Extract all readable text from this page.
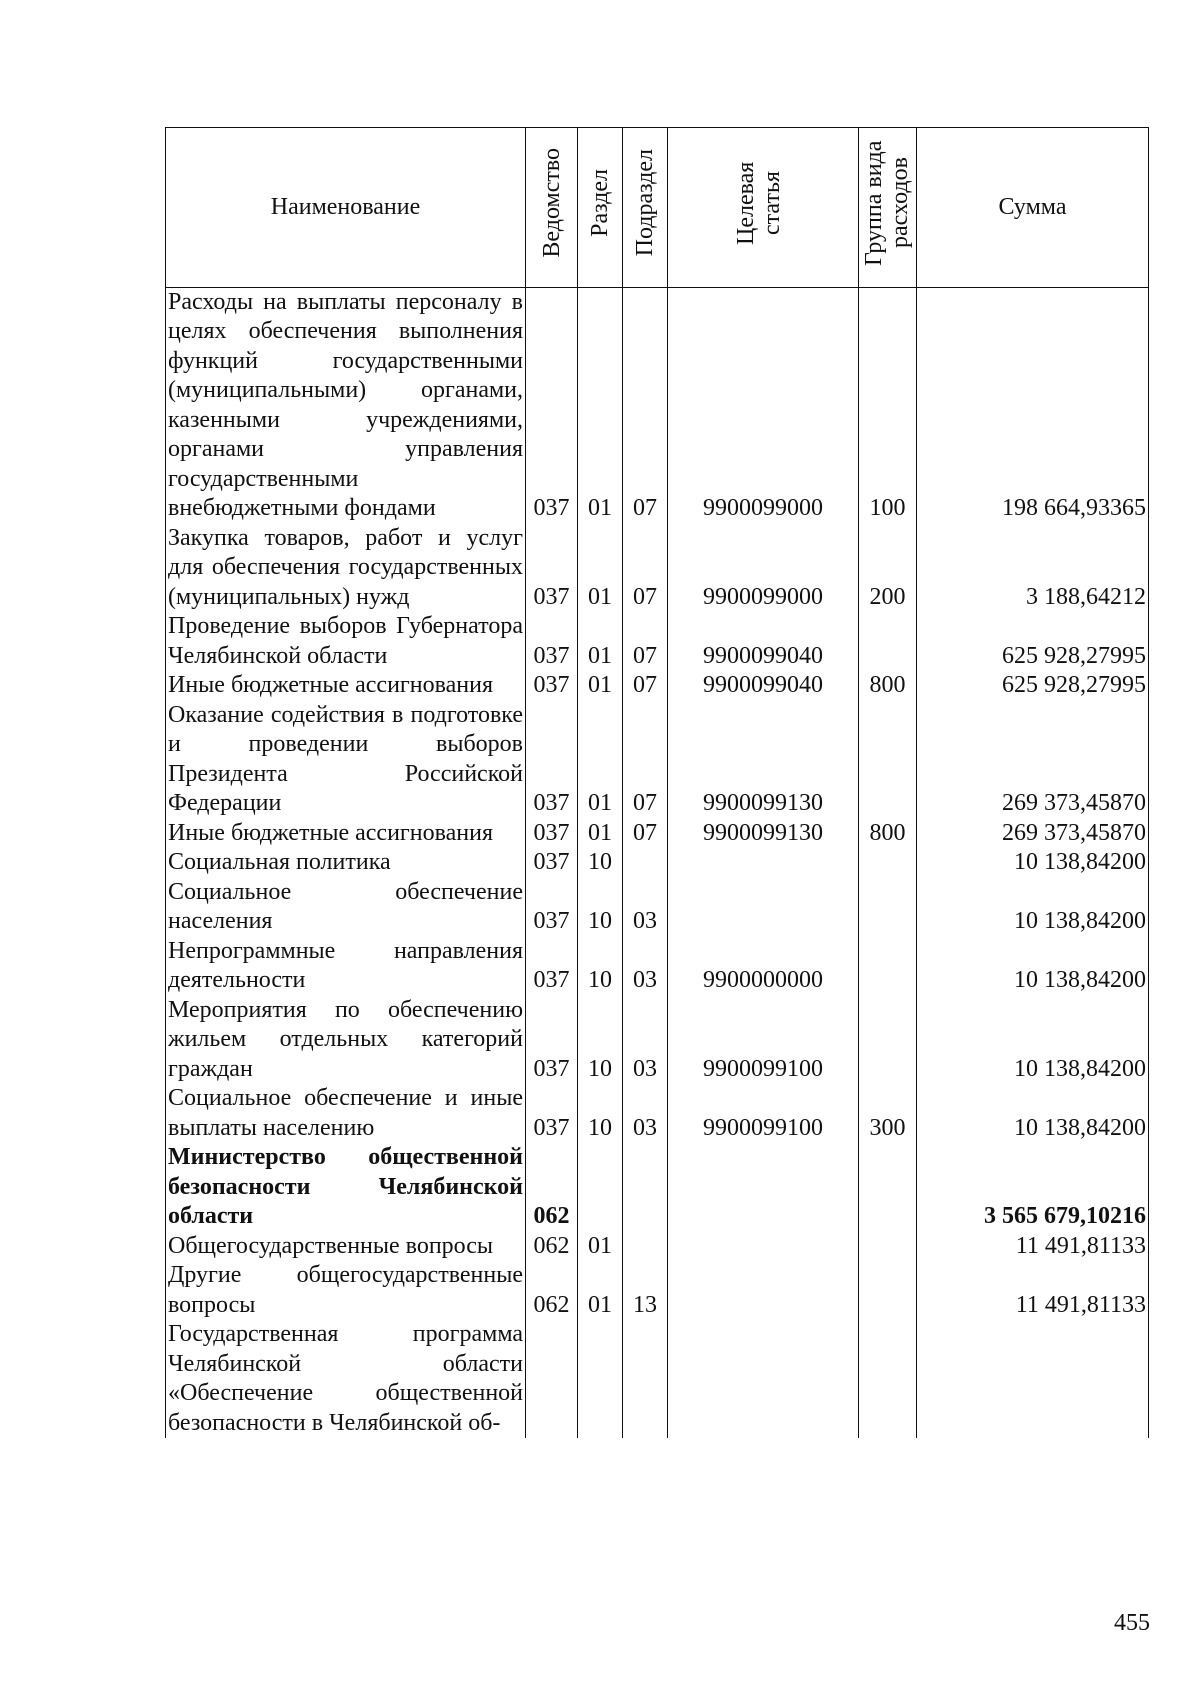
Наименование	Ведомство	Раздел	Подраздел	Целевая статья	Группа вида расходов	Сумма
Расходы на выплаты персоналу в целях обеспечения выполнения функций государственными (муниципальными) органами, казенными учреждениями, органами управления государственными внебюджетными фондами	037	01	07	9900099000	100	198 664,93365
Закупка товаров, работ и услуг для обеспечения государственных (муниципальных) нужд	037	01	07	9900099000	200	3 188,64212
Проведение выборов Губернатора Челябинской области	037	01	07	9900099040		625 928,27995
Иные бюджетные ассигнования	037	01	07	9900099040	800	625 928,27995
Оказание содействия в подготовке и проведении выборов Президента Российской Федерации	037	01	07	9900099130		269 373,45870
Иные бюджетные ассигнования	037	01	07	9900099130	800	269 373,45870
Социальная политика	037	10				10 138,84200
Социальное обеспечение населения	037	10	03			10 138,84200
Непрограммные направления деятельности	037	10	03	9900000000		10 138,84200
Мероприятия по обеспечению жильем отдельных категорий граждан	037	10	03	9900099100		10 138,84200
Социальное обеспечение и иные выплаты населению	037	10	03	9900099100	300	10 138,84200
Министерство общественной безопасности Челябинской области	062					3 565 679,10216
Общегосударственные вопросы	062	01				11 491,81133
Другие общегосударственные вопросы	062	01	13			11 491,81133
Государственная программа Челябинской области «Обеспечение общественной безопасности в Челябинской об-						
455
